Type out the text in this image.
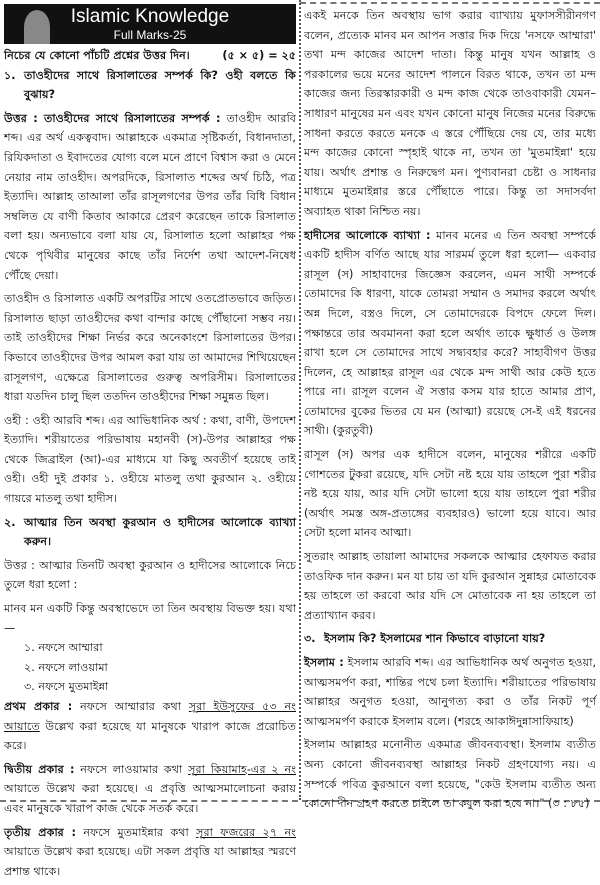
Islamic Knowledge
Full Marks-25
নিচের যে কোনো পাঁচটি প্রশ্নের উত্তর দিন।	(৫ × ৫) = ২৫

১. তাওহীদের সাথে রিসালাতের সম্পর্ক কি? ওহী বলতে কি বুঝায়?

উত্তর : তাওহীদের সাথে রিসালাতের সম্পর্ক : তাওহীদ আরবি শব্দ। এর অর্থ একত্ববাদ। আল্লাহকে একমাত্র সৃষ্টিকর্তা, বিধানদাতা, রিযিকদাতা ও ইবাদতের যোগ্য বলে মনে প্রাণে বিশ্বাস করা ও মেনে নেয়ার নাম তাওহীদ। অপরদিকে, রিসালাত শব্দের অর্থ চিঠি, পত্র ইত্যাদি। আল্লাহ তাআলা তাঁর রাসূলগণের উপর তাঁর বিধি বিধান সম্বলিত যে বাণী কিতাব আকারে প্রেরণ করেছেন তাকে রিসালাত বলা হয়। অন্যভাবে বলা যায় যে, রিসালাত হলো আল্লাহর পক্ষ থেকে পৃথিবীর মানুষের কাছে তাঁর নির্দেশ তথা আদেশ-নিষেধ পৌঁছে দেয়া।

তাওহীদ ও রিসালাত একটি অপরটির সাথে ওতপ্রোতভাবে জড়িত। রিসালাত ছাড়া তাওহীদের কথা বান্দার কাছে পৌঁছানো সম্ভব নয়। তাই তাওহীদের শিক্ষা নির্ভর করে অনেকাংশে রিসালাতের উপর। কিভাবে তাওহীদের উপর আমল করা যায় তা আমাদের শিখিয়েছেন রাসূলগণ, এক্ষেত্রে রিসালাতের গুরুত্ব অপরিসীম। রিসালাতের ধারা যতদিন চালু ছিল ততদিন তাওহীদের শিক্ষা সমুন্নত ছিল।

ওহী : ওহী আরবি শব্দ। এর আভিধানিক অর্থ : কথা, বাণী, উপদেশ ইত্যাদি। শরীয়াতের পরিভাষায় মহানবী (স)-উপর আল্লাহর পক্ষ থেকে জিব্রাইল (আ)-এর মাধ্যমে যা কিছু অবতীর্ণ হয়েছে তাই ওহী। ওহী দুই প্রকার ১. ওহীয়ে মাতলু তথা কুরআন ২. ওহীয়ে গায়রে মাতলু তথা হাদীস।

২. আত্মার তিন অবস্থা কুরআন ও হাদীসের আলোকে ব্যাখ্যা করুন।

উত্তর : আত্মার তিনটি অবস্থা কুরআন ও হাদীসের আলোকে নিচে তুলে ধরা হলো :

মানব মন একটি কিন্তু অবস্থাভেদে তা তিন অবস্থায় বিভক্ত হয়। যথা—

১. নফসে আম্মারা
২. নফসে লাওয়ামা
৩. নফসে মুতমাইন্না

প্রথম প্রকার : নফসে আম্মারার কথা সূরা ইউসুফের ৫৩ নং আয়াতে উল্লেখ করা হয়েছে যা মানুষকে খারাপ কাজে প্ররোচিত করে।

দ্বিতীয় প্রকার : নফসে লাওয়ামার কথা সূরা কিয়ামাহ-এর ২ নং আয়াতে উল্লেখ করা হয়েছে। এ প্রবৃত্তি আত্মসমালোচনা করায় এবং মানুষকে খারাপ কাজ থেকে সতর্ক করে।

তৃতীয় প্রকার : নফসে মুতমাইন্নার কথা সূরা ফজরের ২৭ নং আয়াতে উল্লেখ করা হয়েছে। এটা সকল প্রবৃত্তি যা আল্লাহর স্মরণে প্রশান্ত থাকে।

একই মনকে তিন অবস্থায় ভাগ করার ব্যাখ্যায় মুফাসসীরীনগণ বলেন, প্রত্যেক মানব মন আপন সত্তার দিক দিয়ে 'নসফে আম্মারা' তথা মন্দ কাজের আদেশ দাতা। কিন্তু মানুষ যখন আল্লাহ ও পরকালের ভয়ে মনের আদেশ পালনে বিরত থাকে, তখন তা মন্দ কাজের জন্য তিরস্কারকারী ও মন্দ কাজ থেকে তাওবাকারী যেমন– সাধারণ মানুষের মন এবং যখন কোনো মানুষ নিজের মনের বিরুদ্ধে সাধনা করতে করতে মনকে এ স্তরে পৌঁছিয়ে দেয় যে, তার মধ্যে মন্দ কাজের কোনো স্পৃহাই থাকে না, তখন তা 'মুতমাইন্না' হয়ে যায়। অর্থাৎ প্রশান্ত ও নিরুদ্বেগ মন। পুণ্যবানরা চেষ্টা ও সাধনার মাধ্যমে মুতমাইন্নার স্তরে পৌঁছাতে পারে। কিন্তু তা সদাসর্বদা অব্যাহত থাকা নিশ্চিত নয়।

হাদীসের আলোকে ব্যাখ্যা : মানব মনের এ তিন অবস্থা সম্পর্কে একটি হাদীস বর্ণিত আছে যার সারমর্ম তুলে ধরা হলো— একবার রাসূল (স) সাহাবাদের জিজ্ঞেস করলেন, এমন সাথী সম্পর্কে তোমাদের কি ধারণা, যাকে তোমরা সম্মান ও সমাদর করলে অর্থাৎ অন্ন দিলে, বস্ত্রও দিলে, সে তোমাদেরকে বিপদে ফেলে দিল। পক্ষান্তরে তার অবমাননা করা হলে অর্থাৎ তাকে ক্ষুধার্ত ও উলঙ্গ রাখা হলে সে তোমাদের সাথে সদ্ব্যবহার করে? সাহাবীগণ উত্তর দিলেন, হে আল্লাহর রাসূল এর থেকে মন্দ সাথী আর কেউ হতে পারে না। রাসূল বলেন ঐ সত্তার কসম যার হাতে আমার প্রাণ, তোমাদের বুকের ভিতর যে মন (আত্মা) রয়েছে সে-ই এই ধরনের সাথী। (কুরতুবী)

রাসূল (স) অপর এক হাদীসে বলেন, মানুষের শরীরে একটি গোশতের টুকরা রয়েছে, যদি সেটা নষ্ট হয়ে যায় তাহলে পুরা শরীর নষ্ট হয়ে যায়, আর যদি সেটা ভালো হয়ে যায় তাহলে পুরা শরীর (অর্থাৎ সমস্ত অঙ্গ-প্রত্যঙ্গের ব্যবহারও) ভালো হয়ে যাবে। আর সেটা হলো মানব আত্মা।

সুতরাং আল্লাহ তায়ালা আমাদের সকলকে আত্মার হেফাযত করার তাওফিক দান করুন। মন যা চায় তা যদি কুরআন সুন্নাহর মোতাবেক হয় তাহলে তা করবো আর যদি সে মোতাবেক না হয় তাহলে তা প্রত্যাখ্যান করব।

৩. ইসলাম কি? ইসলামের শান কিভাবে বাড়ানো যায়?

ইসলাম : ইসলাম আরবি শব্দ। এর আভিধানিক অর্থ অনুগত হওয়া, আত্মসমর্পণ করা, শান্তির পথে চলা ইত্যাদি। শরীয়াতের পরিভাষায় আল্লাহর অনুগত হওয়া, আনুগত্য করা ও তাঁর নিকট পূর্ণ আত্মসমর্পণ করাকে ইসলাম বলে। (শরহে আকাঈদুন্নাসাফিয়াহ)

ইসলাম আল্লাহর মনোনীত একমাত্র জীবনব্যবস্থা। ইসলাম ব্যতীত অন্য কোনো জীবনব্যবস্থা আল্লাহর নিকট গ্রহণযোগ্য নয়। এ সম্পর্কে পবিত্র কুরআনে বলা হয়েছে, "কেউ ইসলাম ব্যতীত অন্য কোনো দীন গ্রহণ করতে চাইলে তা কবুল করা হবে না।" (৩ : ৮৫)
